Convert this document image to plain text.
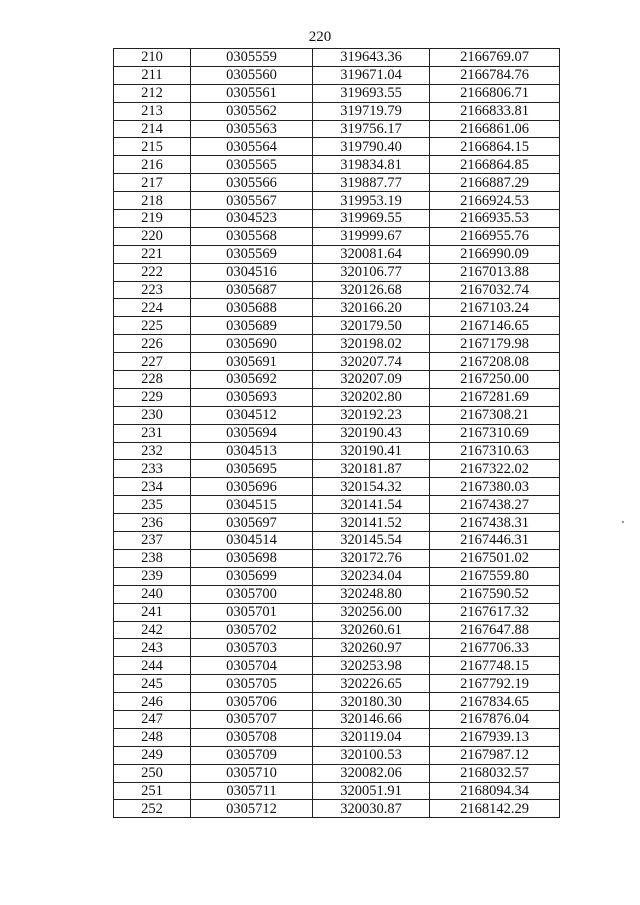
220
210	0305559	319643.36	2166769.07
211	0305560	319671.04	2166784.76
212	0305561	319693.55	2166806.71
213	0305562	319719.79	2166833.81
214	0305563	319756.17	2166861.06
215	0305564	319790.40	2166864.15
216	0305565	319834.81	2166864.85
217	0305566	319887.77	2166887.29
218	0305567	319953.19	2166924.53
219	0304523	319969.55	2166935.53
220	0305568	319999.67	2166955.76
221	0305569	320081.64	2166990.09
222	0304516	320106.77	2167013.88
223	0305687	320126.68	2167032.74
224	0305688	320166.20	2167103.24
225	0305689	320179.50	2167146.65
226	0305690	320198.02	2167179.98
227	0305691	320207.74	2167208.08
228	0305692	320207.09	2167250.00
229	0305693	320202.80	2167281.69
230	0304512	320192.23	2167308.21
231	0305694	320190.43	2167310.69
232	0304513	320190.41	2167310.63
233	0305695	320181.87	2167322.02
234	0305696	320154.32	2167380.03
235	0304515	320141.54	2167438.27
236	0305697	320141.52	2167438.31
237	0304514	320145.54	2167446.31
238	0305698	320172.76	2167501.02
239	0305699	320234.04	2167559.80
240	0305700	320248.80	2167590.52
241	0305701	320256.00	2167617.32
242	0305702	320260.61	2167647.88
243	0305703	320260.97	2167706.33
244	0305704	320253.98	2167748.15
245	0305705	320226.65	2167792.19
246	0305706	320180.30	2167834.65
247	0305707	320146.66	2167876.04
248	0305708	320119.04	2167939.13
249	0305709	320100.53	2167987.12
250	0305710	320082.06	2168032.57
251	0305711	320051.91	2168094.34
252	0305712	320030.87	2168142.29
